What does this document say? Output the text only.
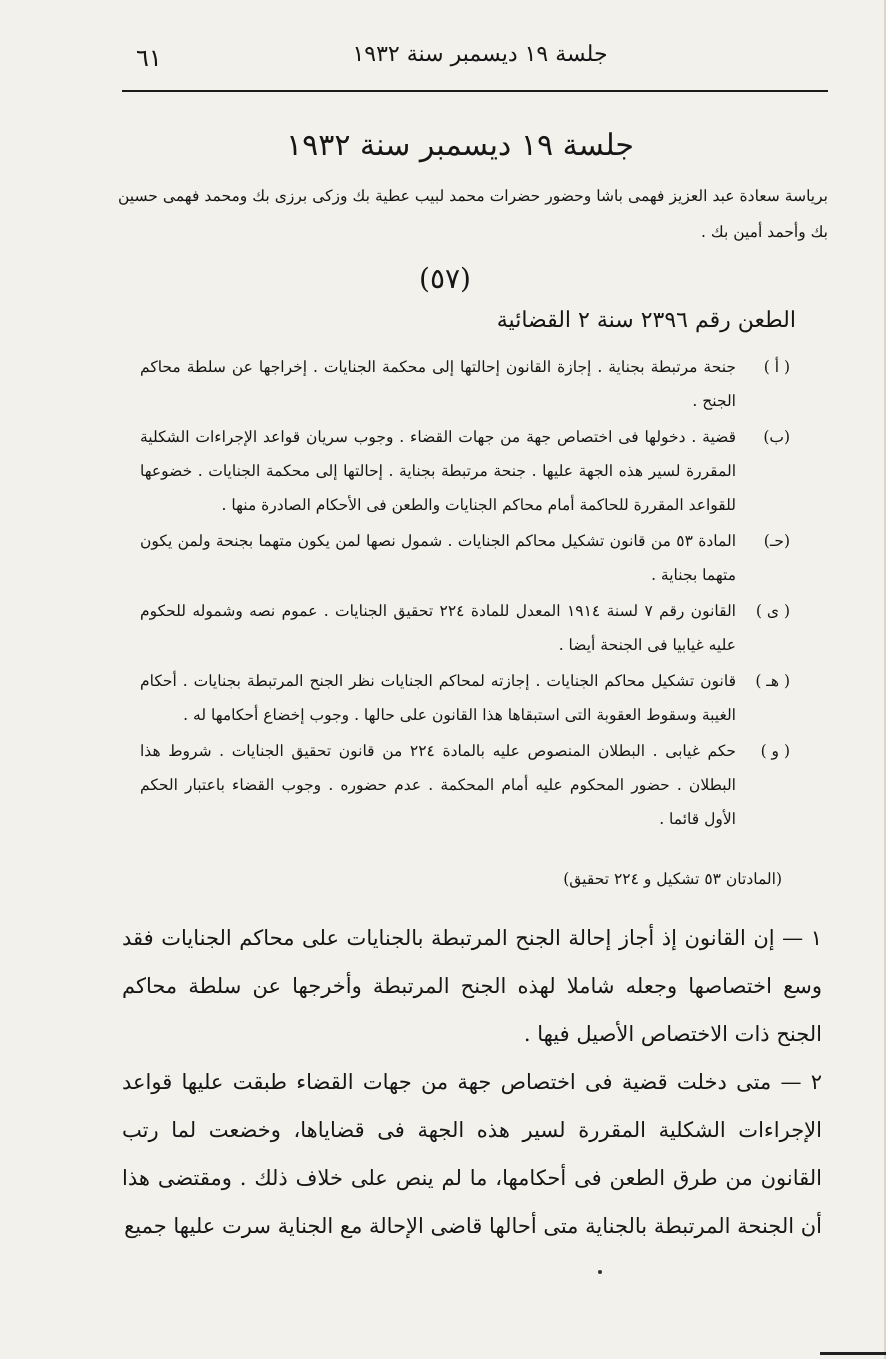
٦١	جلسة ١٩ ديسمبر سنة ١٩٣٢
جلسة ١٩ ديسمبر سنة ١٩٣٢
برياسة سعادة عبد العزيز فهمى باشا وحضور حضرات محمد لبيب عطية بك وزكى برزى بك ومحمد فهمى حسين بك وأحمد أمين بك .
(٥٧)
الطعن رقم ٢٣٩٦ سنة ٢ القضائية
( أ )
جنحة مرتبطة بجناية . إجازة القانون إحالتها إلى محكمة الجنايات . إخراجها عن سلطة محاكم الجنح .
(ب)
قضية . دخولها فى اختصاص جهة من جهات القضاء . وجوب سريان قواعد الإجراءات الشكلية المقررة لسير هذه الجهة عليها . جنحة مرتبطة بجناية . إحالتها إلى محكمة الجنايات . خضوعها للقواعد المقررة للحاكمة أمام محاكم الجنايات والطعن فى الأحكام الصادرة منها .
(حـ)
المادة ٥٣ من قانون تشكيل محاكم الجنايات . شمول نصها لمن يكون متهما بجنحة ولمن يكون متهما بجناية .
( ى )
القانون رقم ٧ لسنة ١٩١٤ المعدل للمادة ٢٢٤ تحقيق الجنايات . عموم نصه وشموله للحكوم عليه غيابيا فى الجنحة أيضا .
( هـ )
قانون تشكيل محاكم الجنايات . إجازته لمحاكم الجنايات نظر الجنح المرتبطة بجنايات . أحكام الغيبة وسقوط العقوبة التى استبقاها هذا القانون على حالها . وجوب إخضاع أحكامها له .
( و )
حكم غيابى . البطلان المنصوص عليه بالمادة ٢٢٤ من قانون تحقيق الجنايات . شروط هذا البطلان . حضور المحكوم عليه أمام المحكمة . عدم حضوره . وجوب القضاء باعتبار الحكم الأول قائما .
(المادتان ٥٣ تشكيل و ٢٢٤ تحقيق)
١ — إن القانون إذ أجاز إحالة الجنح المرتبطة بالجنايات على محاكم الجنايات فقد وسع اختصاصها وجعله شاملا لهذه الجنح المرتبطة وأخرجها عن سلطة محاكم الجنح ذات الاختصاص الأصيل فيها .
٢ — متى دخلت قضية فى اختصاص جهة من جهات القضاء طبقت عليها قواعد الإجراءات الشكلية المقررة لسير هذه الجهة فى قضاياها، وخضعت لما رتب القانون من طرق الطعن فى أحكامها، ما لم ينص على خلاف ذلك . ومقتضى هذا أن الجنحة المرتبطة بالجناية متى أحالها قاضى الإحالة مع الجناية سرت عليها جميع
